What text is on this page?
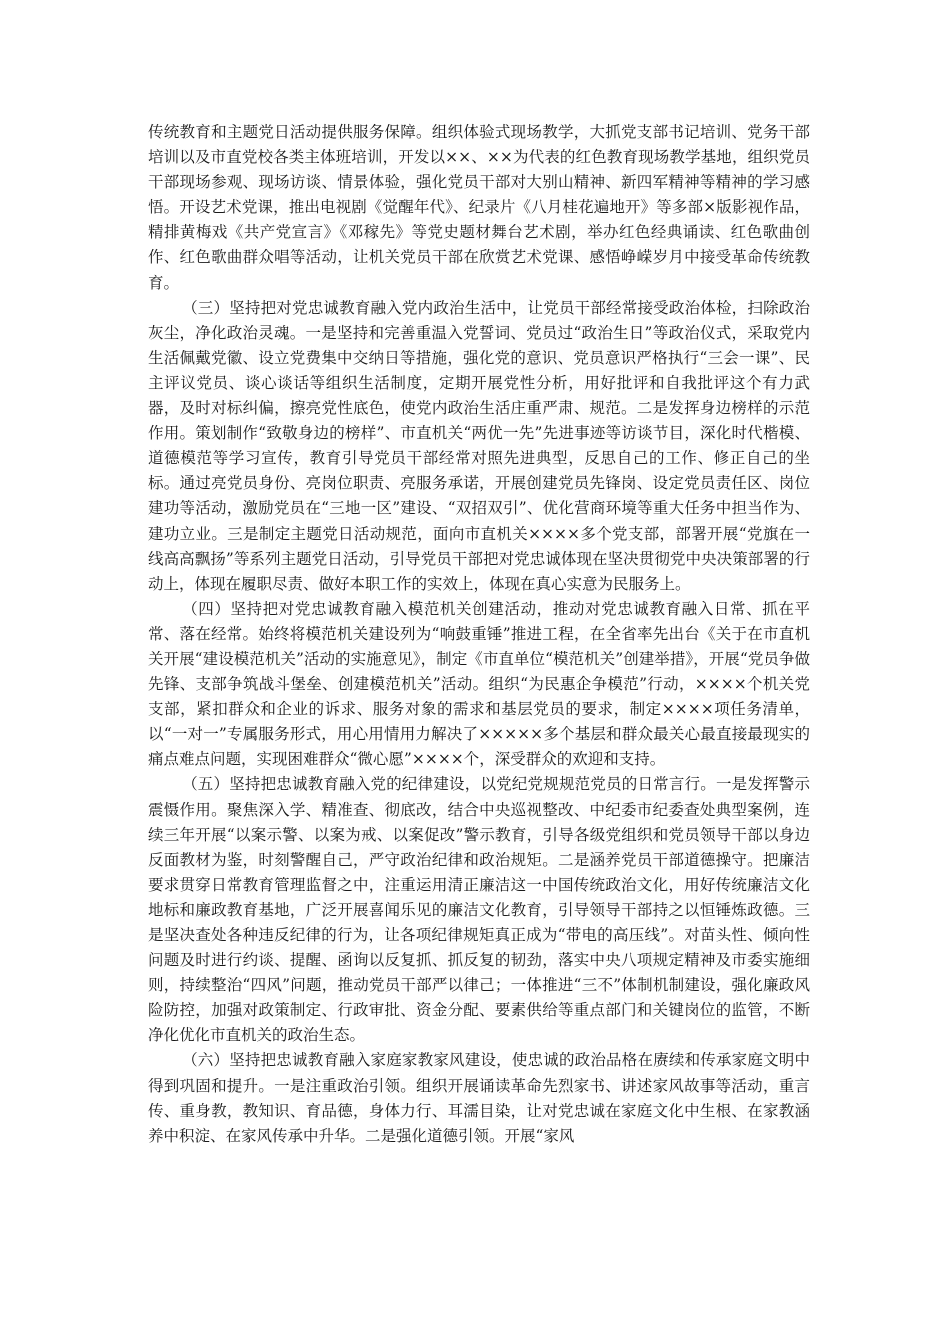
传统教育和主题党日活动提供服务保障。组织体验式现场教学，大抓党支部书记培训、党务干部培训以及市直党校各类主体班培训，开发以××、××为代表的红色教育现场教学基地，组织党员干部现场参观、现场访谈、情景体验，强化党员干部对大别山精神、新四军精神等精神的学习感悟。开设艺术党课，推出电视剧《觉醒年代》、纪录片《八月桂花遍地开》等多部×版影视作品，精排黄梅戏《共产党宣言》《邓稼先》等党史题材舞台艺术剧，举办红色经典诵读、红色歌曲创作、红色歌曲群众唱等活动，让机关党员干部在欣赏艺术党课、感悟峥嵘岁月中接受革命传统教育。

（三）坚持把对党忠诚教育融入党内政治生活中，让党员干部经常接受政治体检，扫除政治灰尘，净化政治灵魂。一是坚持和完善重温入党誓词、党员过“政治生日”等政治仪式，采取党内生活佩戴党徽、设立党费集中交纳日等措施，强化党的意识、党员意识严格执行“三会一课”、民主评议党员、谈心谈话等组织生活制度，定期开展党性分析，用好批评和自我批评这个有力武器，及时对标纠偏，擦亮党性底色，使党内政治生活庄重严肃、规范。二是发挥身边榜样的示范作用。策划制作“致敬身边的榜样”、市直机关“两优一先”先进事迹等访谈节目，深化时代楷模、道德模范等学习宣传，教育引导党员干部经常对照先进典型，反思自己的工作、修正自己的坐标。通过亮党员身份、亮岗位职责、亮服务承诺，开展创建党员先锋岗、设定党员责任区、岗位建功等活动，激励党员在“三地一区”建设、“双招双引”、优化营商环境等重大任务中担当作为、建功立业。三是制定主题党日活动规范，面向市直机关××××多个党支部，部署开展“党旗在一线高高飘扬”等系列主题党日活动，引导党员干部把对党忠诚体现在坚决贯彻党中央决策部署的行动上，体现在履职尽责、做好本职工作的实效上，体现在真心实意为民服务上。

（四）坚持把对党忠诚教育融入模范机关创建活动，推动对党忠诚教育融入日常、抓在平常、落在经常。始终将模范机关建设列为“响鼓重锤”推进工程，在全省率先出台《关于在市直机关开展“建设模范机关”活动的实施意见》，制定《市直单位“模范机关”创建举措》，开展“党员争做先锋、支部争筑战斗堡垒、创建模范机关”活动。组织“为民惠企争模范”行动，××××个机关党支部，紧扣群众和企业的诉求、服务对象的需求和基层党员的要求，制定××××项任务清单，以“一对一”专属服务形式，用心用情用力解决了×××××多个基层和群众最关心最直接最现实的痛点难点问题，实现困难群众“微心愿”××××个，深受群众的欢迎和支持。

（五）坚持把忠诚教育融入党的纪律建设，以党纪党规规范党员的日常言行。一是发挥警示震慑作用。聚焦深入学、精准查、彻底改，结合中央巡视整改、中纪委市纪委查处典型案例，连续三年开展“以案示警、以案为戒、以案促改”警示教育，引导各级党组织和党员领导干部以身边反面教材为鉴，时刻警醒自己，严守政治纪律和政治规矩。二是涵养党员干部道德操守。把廉洁要求贯穿日常教育管理监督之中，注重运用清正廉洁这一中国传统政治文化，用好传统廉洁文化地标和廉政教育基地，广泛开展喜闻乐见的廉洁文化教育，引导领导干部持之以恒锤炼政德。三是坚决查处各种违反纪律的行为，让各项纪律规矩真正成为“带电的高压线”。对苗头性、倾向性问题及时进行约谈、提醒、函询以反复抓、抓反复的韧劲，落实中央八项规定精神及市委实施细则，持续整治“四风”问题，推动党员干部严以律己；一体推进“三不”体制机制建设，强化廉政风险防控，加强对政策制定、行政审批、资金分配、要素供给等重点部门和关键岗位的监管，不断净化优化市直机关的政治生态。

（六）坚持把忠诚教育融入家庭家教家风建设，使忠诚的政治品格在赓续和传承家庭文明中得到巩固和提升。一是注重政治引领。组织开展诵读革命先烈家书、讲述家风故事等活动，重言传、重身教，教知识、育品德，身体力行、耳濡目染，让对党忠诚在家庭文化中生根、在家教涵养中积淀、在家风传承中升华。二是强化道德引领。开展“家风
